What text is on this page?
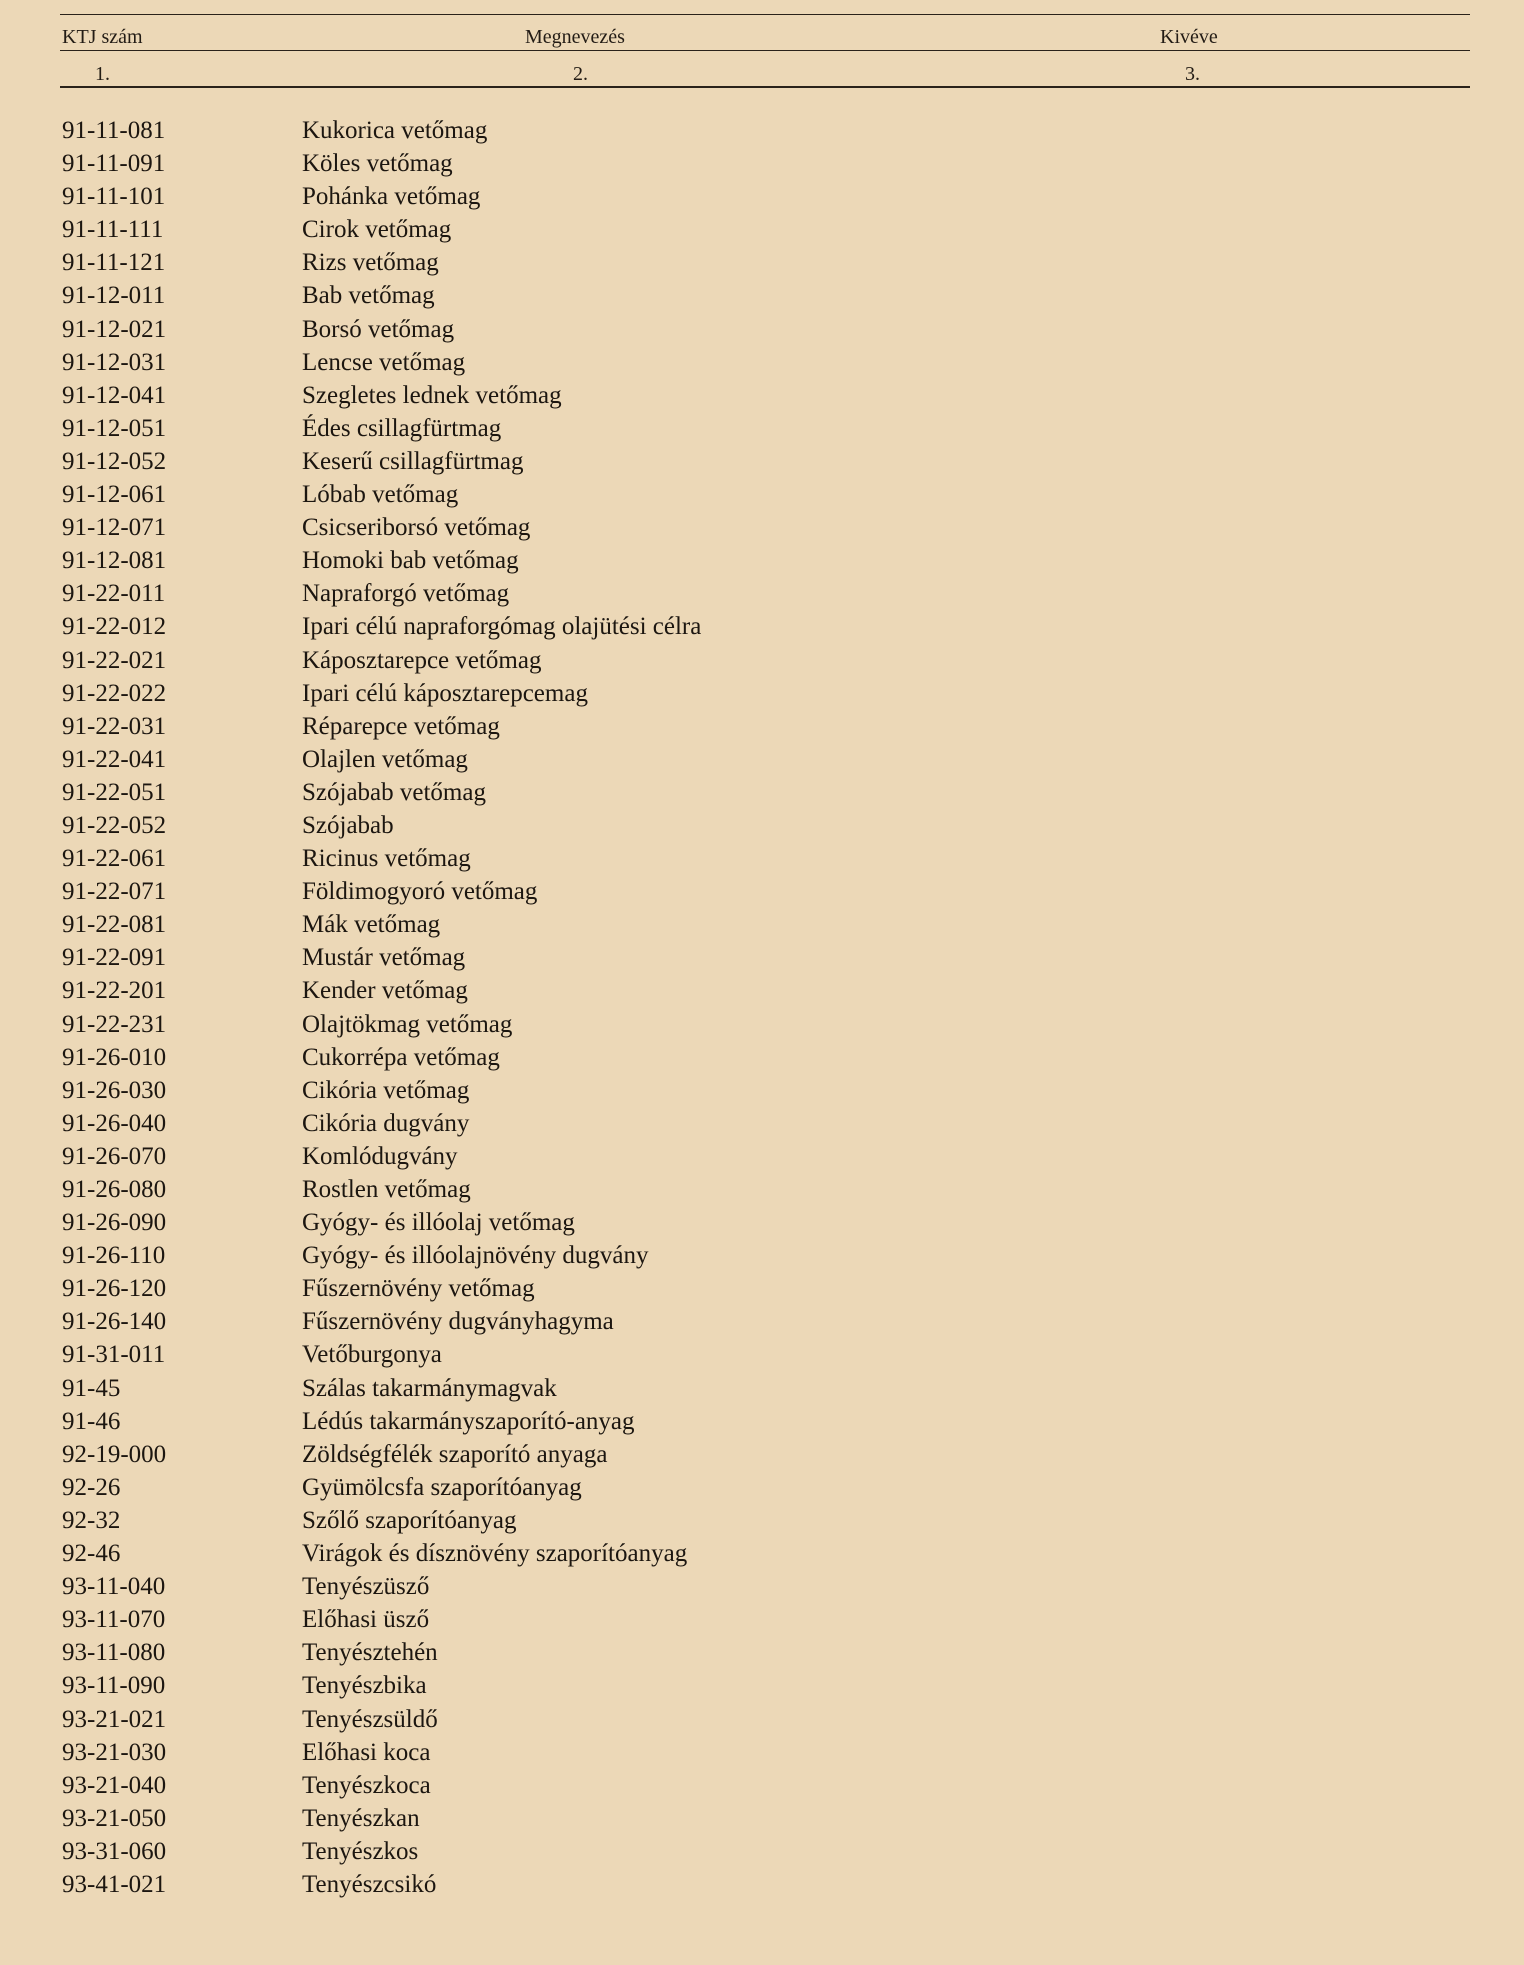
KTJ szám	Megnevezés	Kivéve
1.	2.	3.
91-11-081	Kukorica vetőmag
91-11-091	Köles vetőmag
91-11-101	Pohánka vetőmag
91-11-111	Cirok vetőmag
91-11-121	Rizs vetőmag
91-12-011	Bab vetőmag
91-12-021	Borsó vetőmag
91-12-031	Lencse vetőmag
91-12-041	Szegletes lednek vetőmag
91-12-051	Édes csillagfürtmag
91-12-052	Keserű csillagfürtmag
91-12-061	Lóbab vetőmag
91-12-071	Csicseriborsó vetőmag
91-12-081	Homoki bab vetőmag
91-22-011	Napraforgó vetőmag
91-22-012	Ipari célú napraforgómag olajütési célra
91-22-021	Káposztarepce vetőmag
91-22-022	Ipari célú káposztarepcemag
91-22-031	Réparepce vetőmag
91-22-041	Olajlen vetőmag
91-22-051	Szójabab vetőmag
91-22-052	Szójabab
91-22-061	Ricinus vetőmag
91-22-071	Földimogyoró vetőmag
91-22-081	Mák vetőmag
91-22-091	Mustár vetőmag
91-22-201	Kender vetőmag
91-22-231	Olajtökmag vetőmag
91-26-010	Cukorrépa vetőmag
91-26-030	Cikória vetőmag
91-26-040	Cikória dugvány
91-26-070	Komlódugvány
91-26-080	Rostlen vetőmag
91-26-090	Gyógy- és illóolaj vetőmag
91-26-110	Gyógy- és illóolajnövény dugvány
91-26-120	Fűszernövény vetőmag
91-26-140	Fűszernövény dugványhagyma
91-31-011	Vetőburgonya
91-45	Szálas takarmánymagvak
91-46	Lédús takarmányszaporító-anyag
92-19-000	Zöldségfélék szaporító anyaga
92-26	Gyümölcsfa szaporítóanyag
92-32	Szőlő szaporítóanyag
92-46	Virágok és dísznövény szaporítóanyag
93-11-040	Tenyészüsző
93-11-070	Előhasi üsző
93-11-080	Tenyésztehén
93-11-090	Tenyészbika
93-21-021	Tenyészsüldő
93-21-030	Előhasi koca
93-21-040	Tenyészkoca
93-21-050	Tenyészkan
93-31-060	Tenyészkos
93-41-021	Tenyészcsikó
